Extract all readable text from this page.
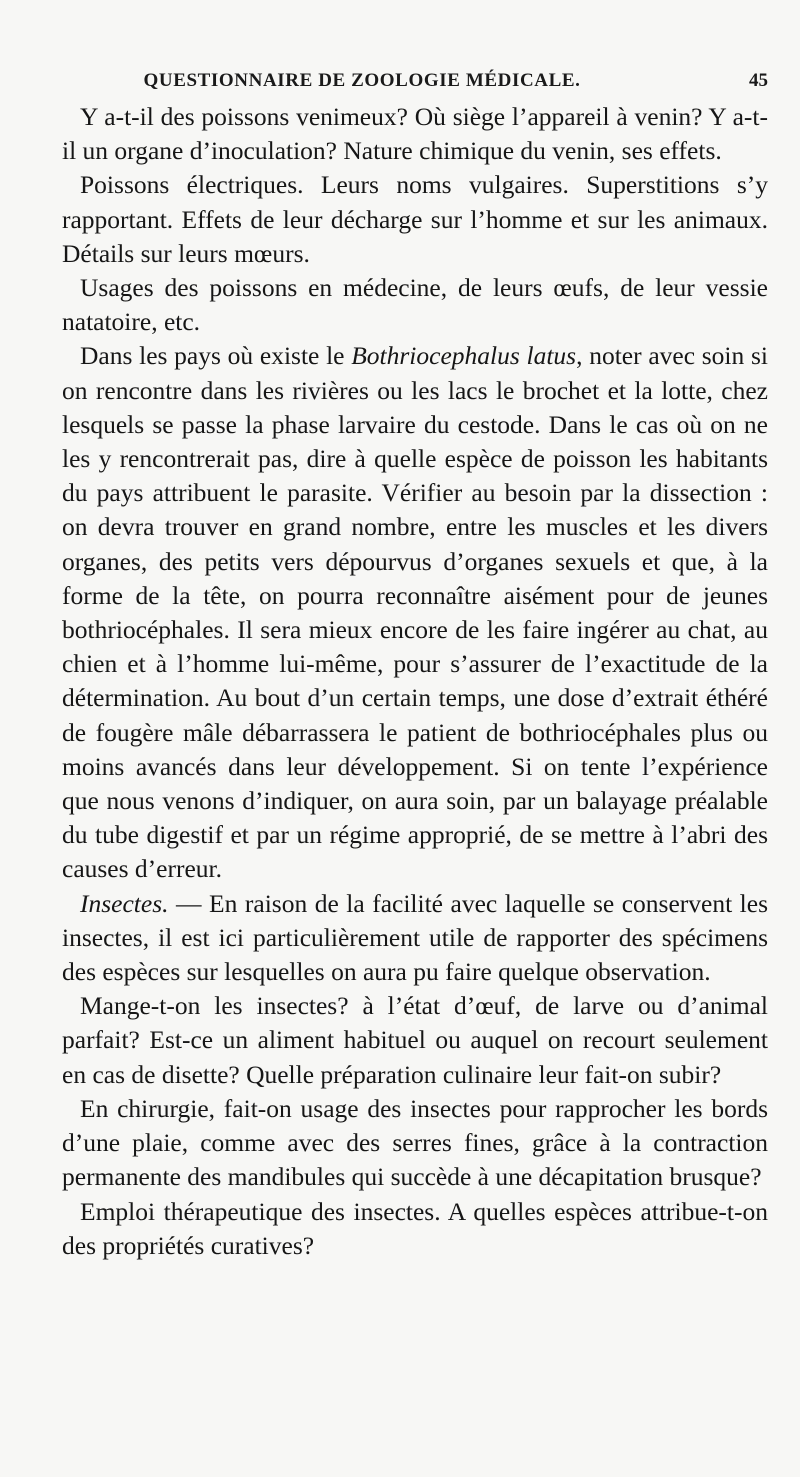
QUESTIONNAIRE DE ZOOLOGIE MÉDICALE.	45

Y a-t-il des poissons venimeux? Où siège l’appareil à venin? Y a-t-il un organe d’inoculation? Nature chimique du venin, ses effets.

Poissons électriques. Leurs noms vulgaires. Superstitions s’y rapportant. Effets de leur décharge sur l’homme et sur les animaux. Détails sur leurs mœurs.

Usages des poissons en médecine, de leurs œufs, de leur vessie natatoire, etc.

Dans les pays où existe le Bothriocephalus latus, noter avec soin si on rencontre dans les rivières ou les lacs le brochet et la lotte, chez lesquels se passe la phase larvaire du cestode. Dans le cas où on ne les y rencontrerait pas, dire à quelle espèce de poisson les habitants du pays attribuent le parasite. Vérifier au besoin par la dissection : on devra trouver en grand nombre, entre les muscles et les divers organes, des petits vers dépourvus d’organes sexuels et que, à la forme de la tête, on pourra reconnaître aisément pour de jeunes bothriocéphales. Il sera mieux encore de les faire ingérer au chat, au chien et à l’homme lui-même, pour s’assurer de l’exactitude de la détermination. Au bout d’un certain temps, une dose d’extrait éthéré de fougère mâle débarrassera le patient de bothriocéphales plus ou moins avancés dans leur développement. Si on tente l’expérience que nous venons d’indiquer, on aura soin, par un balayage préalable du tube digestif et par un régime approprié, de se mettre à l’abri des causes d’erreur.

Insectes. — En raison de la facilité avec laquelle se conservent les insectes, il est ici particulièrement utile de rapporter des spécimens des espèces sur lesquelles on aura pu faire quelque observation.

Mange-t-on les insectes? à l’état d’œuf, de larve ou d’animal parfait? Est-ce un aliment habituel ou auquel on recourt seulement en cas de disette? Quelle préparation culinaire leur fait-on subir?

En chirurgie, fait-on usage des insectes pour rapprocher les bords d’une plaie, comme avec des serres fines, grâce à la contraction permanente des mandibules qui succède à une décapitation brusque?

Emploi thérapeutique des insectes. A quelles espèces attribue-t-on des propriétés curatives?
